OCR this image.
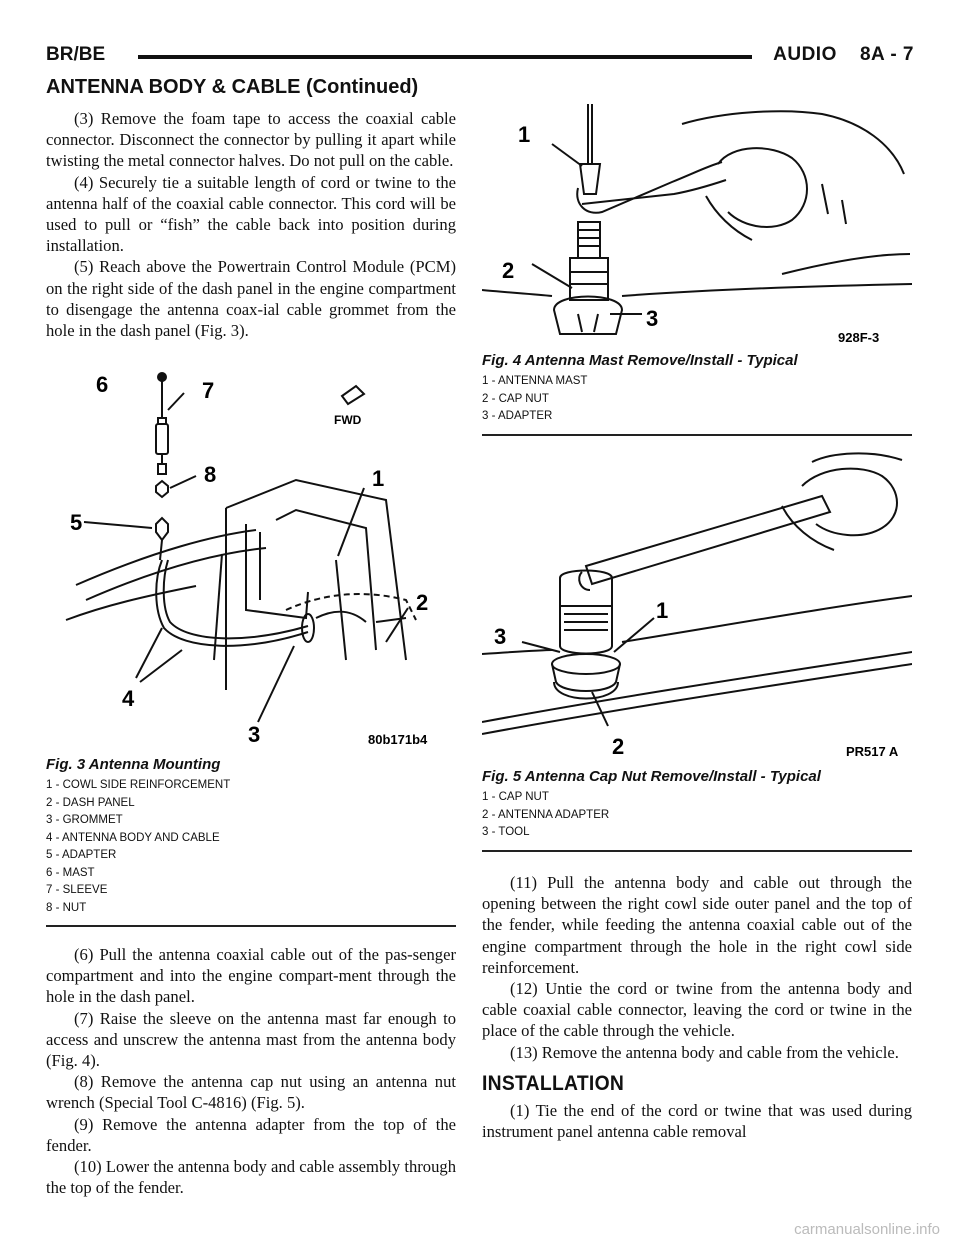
BR/BE	AUDIO    8A - 7
ANTENNA BODY & CABLE (Continued)

(3) Remove the foam tape to access the coaxial cable connector. Disconnect the connector by pulling it apart while twisting the metal connector halves. Do not pull on the cable.

(4) Securely tie a suitable length of cord or twine to the antenna half of the coaxial cable connector. This cord will be used to pull or “fish” the cable back into position during installation.

(5) Reach above the Powertrain Control Module (PCM) on the right side of the dash panel in the engine compartment to disengage the antenna coax-ial cable grommet from the hole in the dash panel (Fig. 3).

6	7
8
5
1
2
4
3
FWD
80b171b4
Fig. 3 Antenna Mounting
1 - COWL SIDE REINFORCEMENT
2 - DASH PANEL
3 - GROMMET
4 - ANTENNA BODY AND CABLE
5 - ADAPTER
6 - MAST
7 - SLEEVE
8 - NUT

(6) Pull the antenna coaxial cable out of the pas-senger compartment and into the engine compart-ment through the hole in the dash panel.

(7) Raise the sleeve on the antenna mast far enough to access and unscrew the antenna mast from the antenna body (Fig. 4).

(8) Remove the antenna cap nut using an antenna nut wrench (Special Tool C-4816) (Fig. 5).

(9) Remove the antenna adapter from the top of the fender.

(10) Lower the antenna body and cable assembly through the top of the fender.

1
2
3
928F-3
Fig. 4 Antenna Mast Remove/Install - Typical
1 - ANTENNA MAST
2 - CAP NUT
3 - ADAPTER
1
3
2	PR517 A
Fig. 5 Antenna Cap Nut Remove/Install - Typical
1 - CAP NUT
2 - ANTENNA ADAPTER
3 - TOOL

(11) Pull the antenna body and cable out through the opening between the right cowl side outer panel and the top of the fender, while feeding the antenna coaxial cable out of the engine compartment through the hole in the right cowl side reinforcement.

(12) Untie the cord or twine from the antenna body and cable coaxial cable connector, leaving the cord or twine in the place of the cable through the vehicle.

(13) Remove the antenna body and cable from the vehicle.

INSTALLATION

(1) Tie the end of the cord or twine that was used during instrument panel antenna cable removal

carmanualsonline.info
